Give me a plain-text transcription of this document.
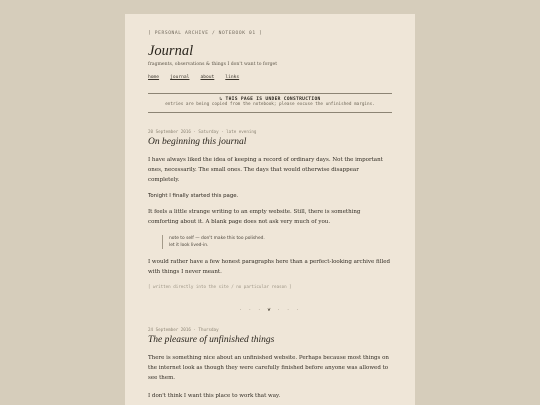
[ PERSONAL ARCHIVE / NOTEBOOK 01 ]
Journal
fragments, observations & things I don't want to forget
home journal about links
↳ THIS PAGE IS UNDER CONSTRUCTION
entries are being copied from the notebook; please excuse the unfinished margins.
20 September 2016 · Saturday · late evening
On beginning this journal
I have always liked the idea of keeping a record of ordinary days. Not the important ones, necessarily. The small ones. The days that would otherwise disappear completely.
Tonight I finally started this page.
It feels a little strange writing to an empty website. Still, there is something comforting about it. A blank page does not ask very much of you.
note to self — don't make this too polished.
let it look lived-in.
I would rather have a few honest paragraphs here than a perfect-looking archive filled with things I never meant.
[ written directly into the site / no particular reason ]
· · · ❦ · · ·
24 September 2016 · Thursday
The pleasure of unfinished things
There is something nice about an unfinished website. Perhaps because most things on the internet look as though they were carefully finished before anyone was allowed to see them.
I don't think I want this place to work that way.
